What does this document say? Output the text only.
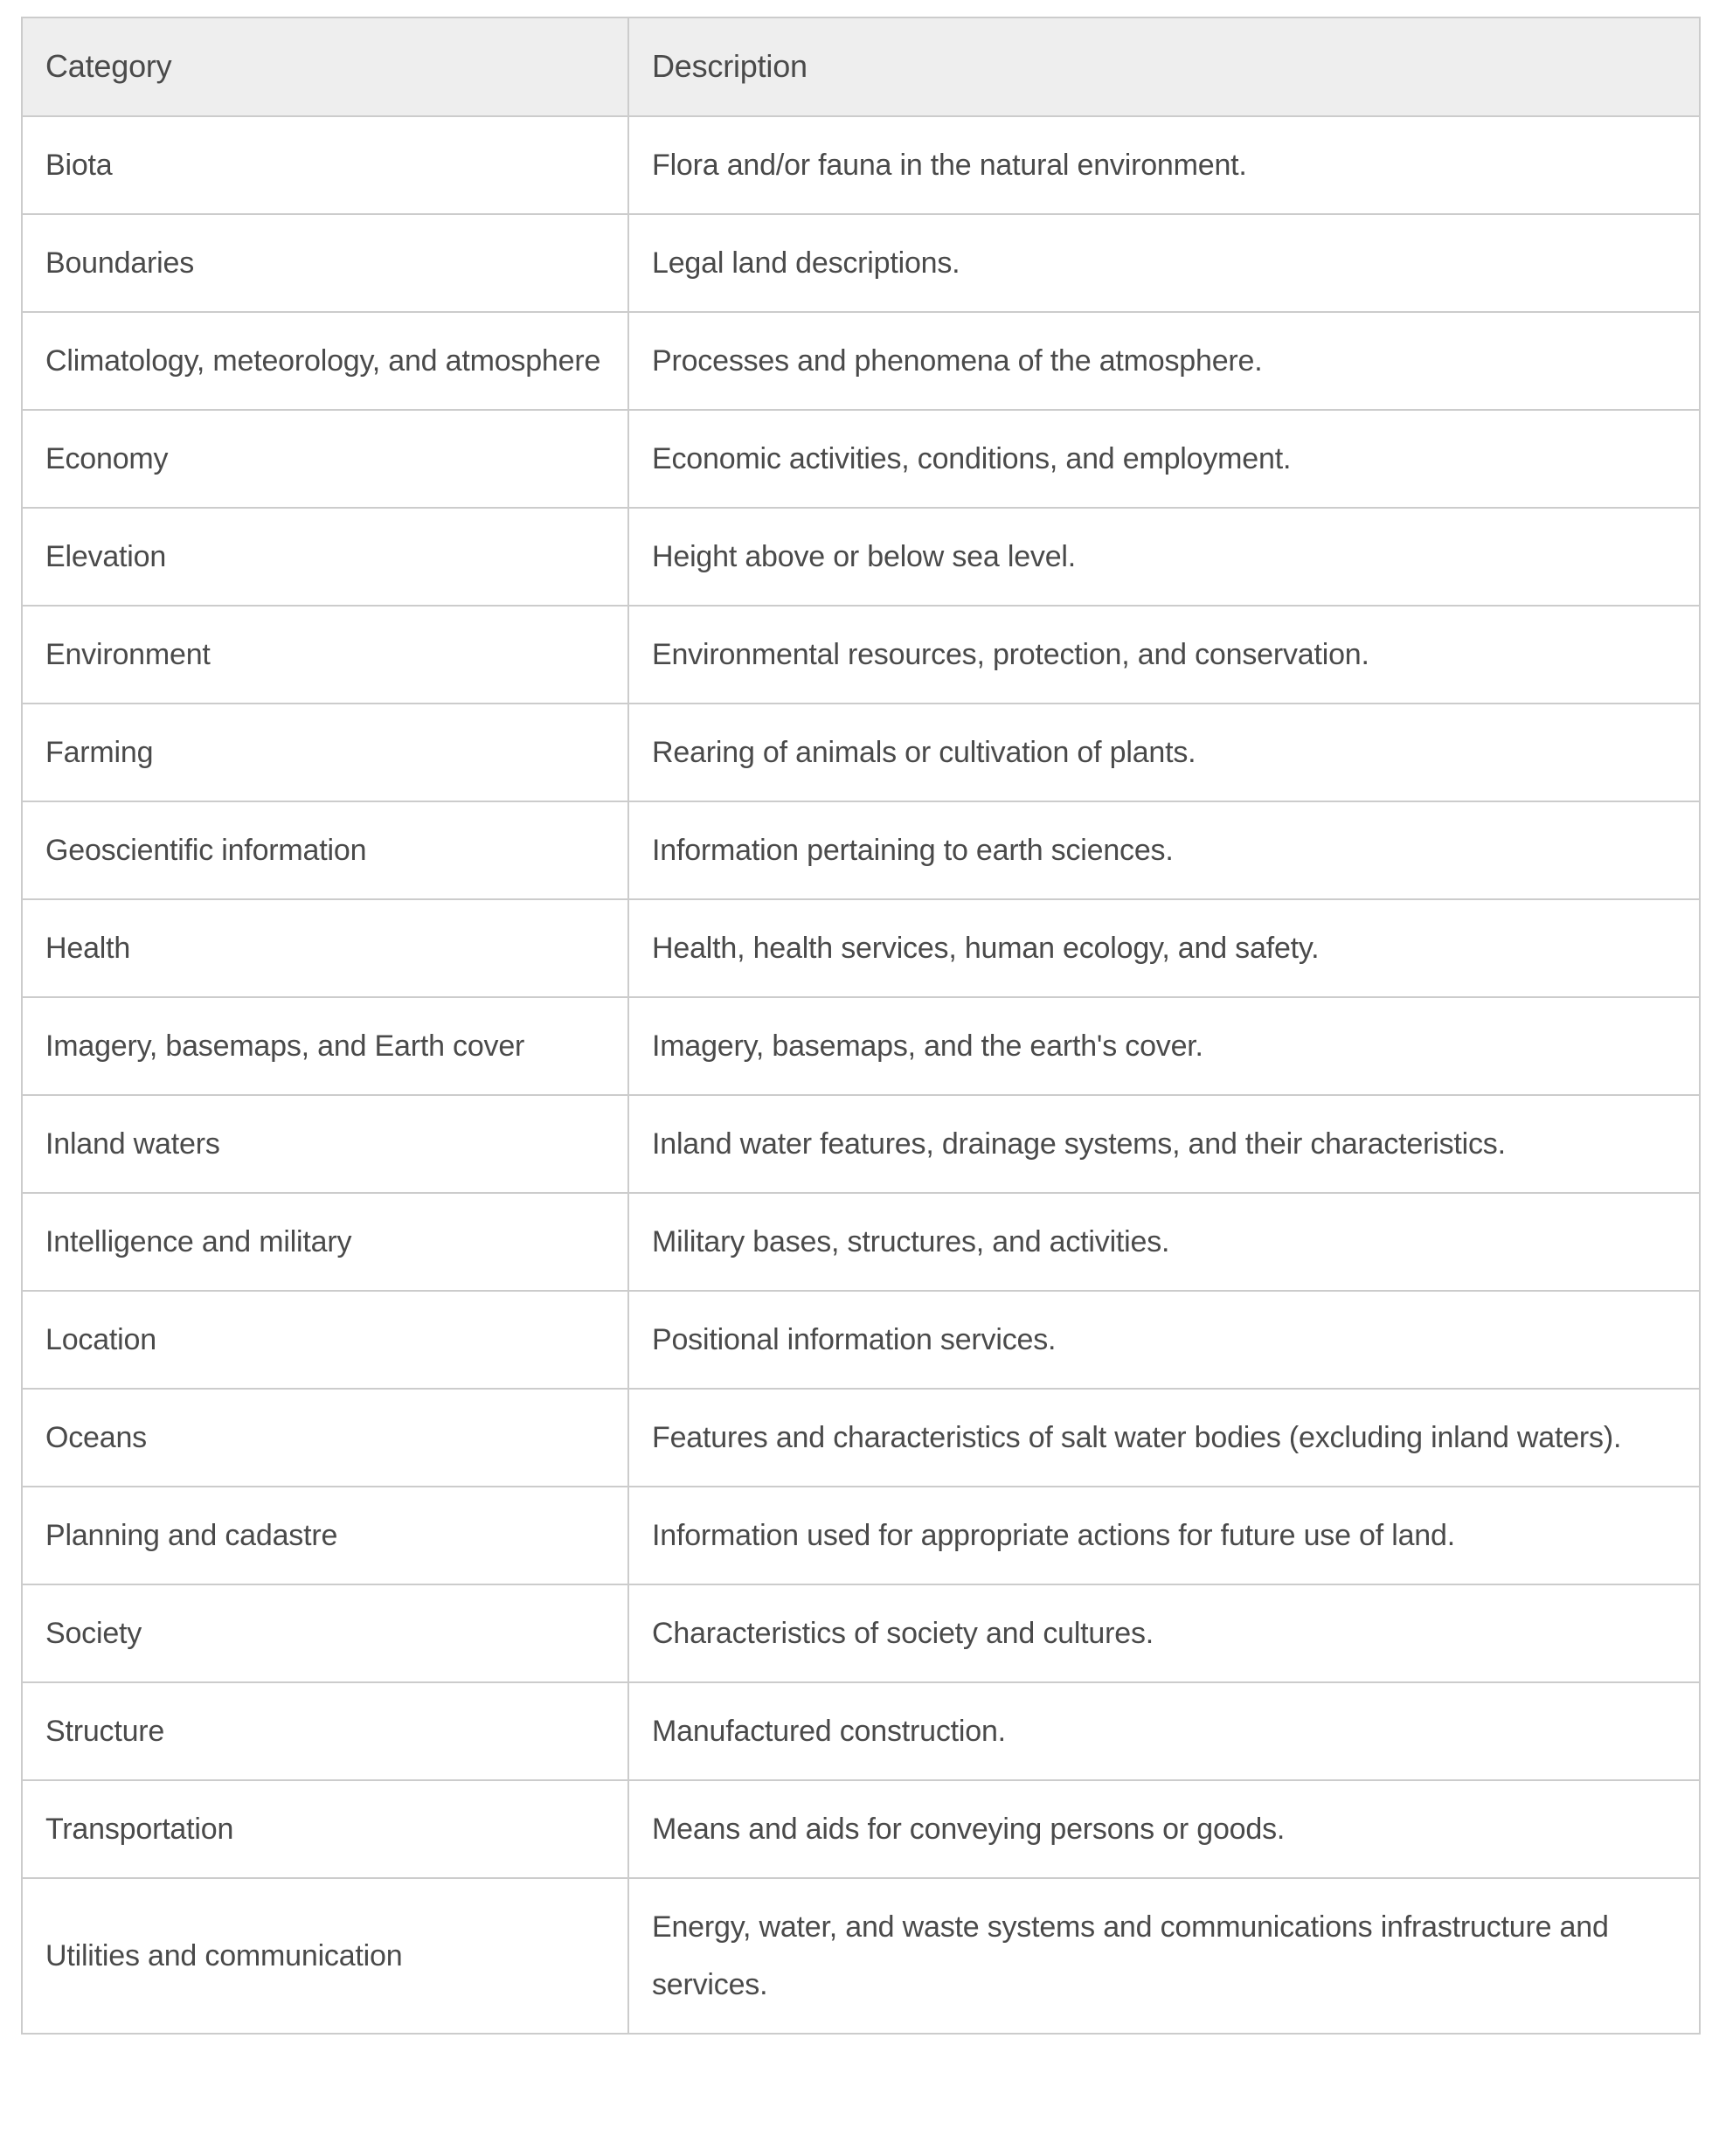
Category	Description
Biota	Flora and/or fauna in the natural environment.
Boundaries	Legal land descriptions.
Climatology, meteorology, and atmosphere	Processes and phenomena of the atmosphere.
Economy	Economic activities, conditions, and employment.
Elevation	Height above or below sea level.
Environment	Environmental resources, protection, and conservation.
Farming	Rearing of animals or cultivation of plants.
Geoscientific information	Information pertaining to earth sciences.
Health	Health, health services, human ecology, and safety.
Imagery, basemaps, and Earth cover	Imagery, basemaps, and the earth's cover.
Inland waters	Inland water features, drainage systems, and their characteristics.
Intelligence and military	Military bases, structures, and activities.
Location	Positional information services.
Oceans	Features and characteristics of salt water bodies (excluding inland waters).
Planning and cadastre	Information used for appropriate actions for future use of land.
Society	Characteristics of society and cultures.
Structure	Manufactured construction.
Transportation	Means and aids for conveying persons or goods.
Utilities and communication	Energy, water, and waste systems and communications infrastructure and services.
